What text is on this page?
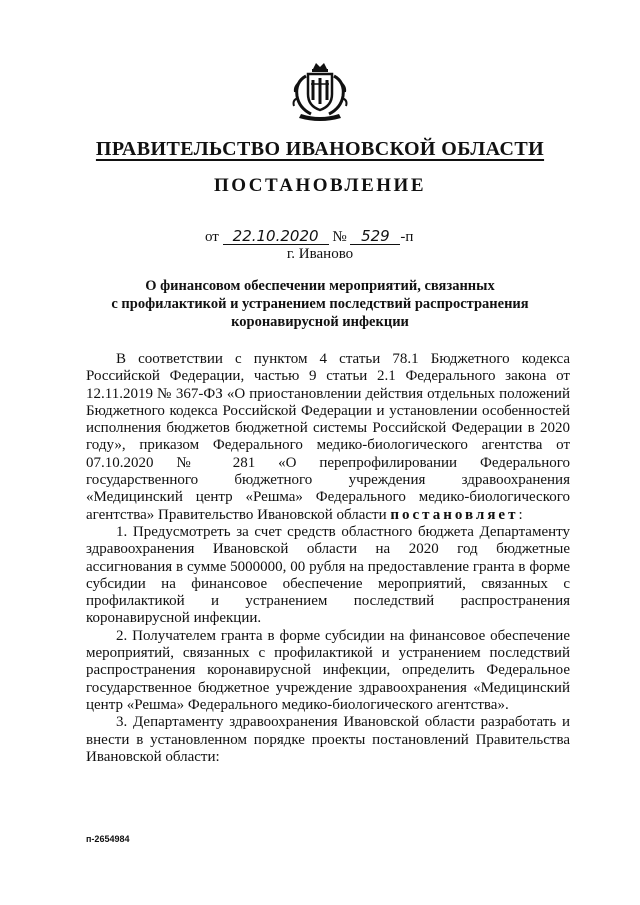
ПРАВИТЕЛЬСТВО ИВАНОВСКОЙ ОБЛАСТИ
ПОСТАНОВЛЕНИЕ
от 22.10.2020 № 529 -п
г. Иваново
О финансовом обеспечении мероприятий, связанных
с профилактикой и устранением последствий распространения
коронавирусной инфекции

В соответствии с пунктом 4 статьи 78.1 Бюджетного кодекса Российской Федерации, частью 9 статьи 2.1 Федерального закона от 12.11.2019 № 367-ФЗ «О приостановлении действия отдельных положений Бюджетного кодекса Российской Федерации и установлении особенностей исполнения бюджетов бюджетной системы Российской Федерации в 2020 году», приказом Федерального медико-биологического агентства от 07.10.2020 № 281 «О перепрофилировании Федерального государственного бюджетного учреждения здравоохранения «Медицинский центр «Решма» Федерального медико-биологического агентства» Правительство Ивановской области постановляет:

1. Предусмотреть за счет средств областного бюджета Департаменту здравоохранения Ивановской области на 2020 год бюджетные ассигнования в сумме 5000000, 00 рубля на предоставление гранта в форме субсидии на финансовое обеспечение мероприятий, связанных с профилактикой и устранением последствий распространения коронавирусной инфекции.

2. Получателем гранта в форме субсидии на финансовое обеспечение мероприятий, связанных с профилактикой и устранением последствий распространения коронавирусной инфекции, определить Федеральное государственное бюджетное учреждение здравоохранения «Медицинский центр «Решма» Федерального медико-биологического агентства».

3. Департаменту здравоохранения Ивановской области разработать и внести в установленном порядке проекты постановлений Правительства Ивановской области:

п-2654984
